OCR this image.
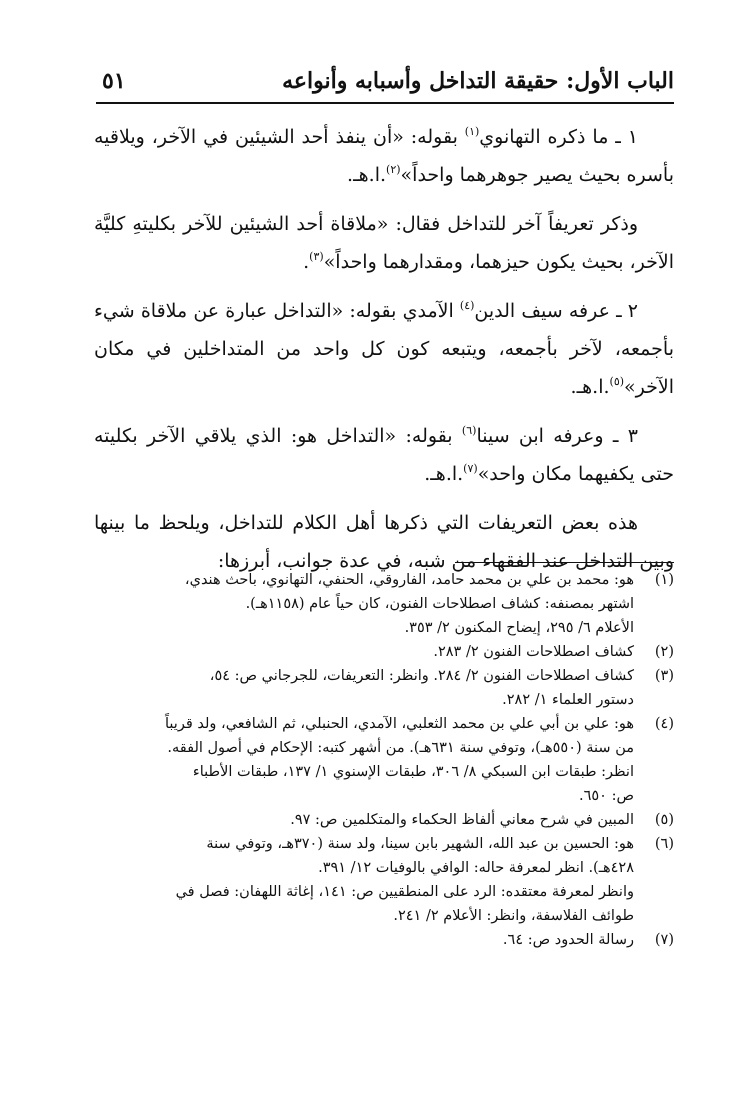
الباب الأول: حقيقة التداخل وأسبابه وأنواعه
٥١

١ ـ ما ذكره التهانوي$^{(١)}$ بقوله: «أن ينفذ أحد الشيئين في الآخر، ويلاقيه بأسره بحيث يصير جوهرهما واحداً»$^{(٢)}$.ا.هـ.

وذكر تعريفاً آخر للتداخل فقال: «ملاقاة أحد الشيئين للآخر بكليتهِ كليَّة الآخر، بحيث يكون حيزهما، ومقدارهما واحداً»$^{(٣)}$.

٢ ـ عرفه سيف الدين$^{(٤)}$ الآمدي بقوله: «التداخل عبارة عن ملاقاة شيء بأجمعه، لآخر بأجمعه، ويتبعه كون كل واحد من المتداخلين في مكان الآخر»$^{(٥)}$.ا.هـ.

٣ ـ وعرفه ابن سينا$^{(٦)}$ بقوله: «التداخل هو: الذي يلاقي الآخر بكليته حتى يكفيهما مكان واحد»$^{(٧)}$.ا.هـ.

هذه بعض التعريفات التي ذكرها أهل الكلام للتداخل، ويلحظ ما بينها وبين التداخل عند الفقهاء من شبه، في عدة جوانب، أبرزها:

(١)
هو: محمد بن علي بن محمد حامد، الفاروقي، الحنفي، التهانوي، باحث هندي،
اشتهر بمصنفه: كشاف اصطلاحات الفنون، كان حياً عام (١١٥٨هـ).
الأعلام ٦/ ٢٩٥، إيضاح المكنون ٢/ ٣٥٣.
(٢)
كشاف اصطلاحات الفنون ٢/ ٢٨٣.
(٣)
كشاف اصطلاحات الفنون ٢/ ٢٨٤. وانظر: التعريفات، للجرجاني ص: ٥٤،
دستور العلماء ١/ ٢٨٢.
(٤)
هو: علي بن أبي علي بن محمد الثعلبي، الآمدي، الحنبلي، ثم الشافعي، ولد قريباً
من سنة (٥٥٠هـ)، وتوفي سنة ٦٣١هـ). من أشهر كتبه: الإحكام في أصول الفقه.
انظر: طبقات ابن السبكي ٨/ ٣٠٦، طبقات الإسنوي ١/ ١٣٧، طبقات الأطباء
ص: ٦٥٠.
(٥)
المبين في شرح معاني ألفاظ الحكماء والمتكلمين ص: ٩٧.
(٦)
هو: الحسين بن عبد الله، الشهير بابن سينا، ولد سنة (٣٧٠هـ، وتوفي سنة
٤٢٨هـ). انظر لمعرفة حاله: الوافي بالوفيات ١٢/ ٣٩١.
وانظر لمعرفة معتقده: الرد على المنطقيين ص: ١٤١، إغاثة اللهفان: فصل في
طوائف الفلاسفة، وانظر: الأعلام ٢/ ٢٤١.
(٧)
رسالة الحدود ص: ٦٤.
